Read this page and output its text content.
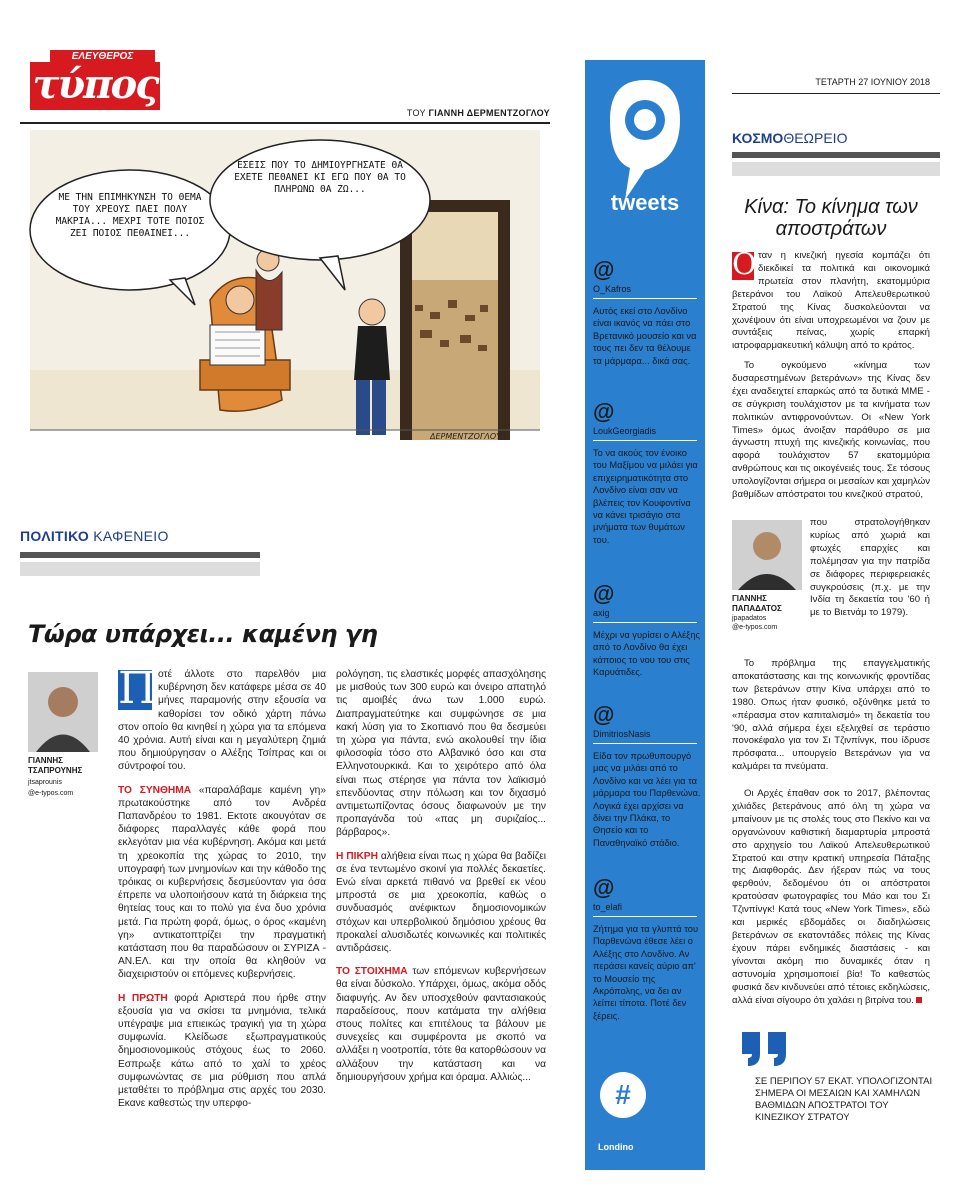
ΕΛΕΥΘΕΡΟΣ
τύπος
ΤΟΥ ΓΙΑΝΝΗ ΔΕΡΜΕΝΤΖΟΓΛΟΥ
ΜΕ ΤΗΝ ΕΠΙΜΗΚΥΝΣΗ ΤΟ ΘΕΜΑ ΤΟΥ ΧΡΕΟΥΣ ΠΑΕΙ ΠΟΛΥ ΜΑΚΡΙΑ... ΜΕΧΡΙ ΤΟΤΕ ΠΟΙΟΣ ΖΕΙ ΠΟΙΟΣ ΠΕΘΑΙΝΕΙ...
ΕΣΕΙΣ ΠΟΥ ΤΟ ΔΗΜΙΟΥΡΓΗΣΑΤΕ ΘΑ ΕΧΕΤΕ ΠΕΘΑΝΕΙ ΚΙ ΕΓΩ ΠΟΥ ΘΑ ΤΟ ΠΛΗΡΩΝΩ ΘΑ ΖΩ...
ΔΕΡΜΕΝΤΖΟΓΛΟΥ
ΠΟΛΙΤΙΚΟ ΚΑΦΕΝΕΙΟ
Τώρα υπάρχει... καμένη γη
ΓΙΑΝΝΗΣ ΤΣΑΠΡΟΥΝΗΣ
jtsaprounis
@e-typos.com

Π οτέ άλλοτε στο παρελθόν μια κυβέρνηση δεν κατάφερε μέσα σε 40 μήνες παραμονής στην εξουσία να καθορίσει τον οδικό χάρτη πάνω στον οποίο θα κινηθεί η χώρα για τα επόμενα 40 χρόνια. Αυτή είναι και η μεγαλύτερη ζημιά που δημιούργησαν ο Αλέξης Τσίπρας και οι σύντροφοί του.

ΤΟ ΣΥΝΘΗΜΑ «παραλάβαμε καμένη γη» πρωτακούστηκε από τον Ανδρέα Παπανδρέου το 1981. Εκτοτε ακουγόταν σε διάφορες παραλλαγές κάθε φορά που εκλεγόταν μια νέα κυβέρνηση. Ακόμα και μετά τη χρεοκοπία της χώρας το 2010, την υπογραφή των μνημονίων και την κάθοδο της τρόικας οι κυβερνήσεις δεσμεύονταν για όσα έπρεπε να υλοποιήσουν κατά τη διάρκεια της θητείας τους και το πολύ για ένα δυο χρόνια μετά. Για πρώτη φορά, όμως, ο όρος «καμένη γη» αντικατοπτρίζει την πραγματική κατάσταση που θα παραδώσουν οι ΣΥΡΙΖΑ - ΑΝ.ΕΛ. και την οποία θα κληθούν να διαχειριστούν οι επόμενες κυβερνήσεις.

Η ΠΡΩΤΗ φορά Αριστερά που ήρθε στην εξουσία για να σκίσει τα μνημόνια, τελικά υπέγραψε μια επιεικώς τραγική για τη χώρα συμφωνία. Κλείδωσε εξωπραγματικούς δημοσιονομικούς στόχους έως το 2060. Εσπρωξε κάτω από το χαλί το χρέος συμφωνώντας σε μια ρύθμιση που απλά μεταθέτει το πρόβλημα στις αρχές του 2030. Εκανε καθεστώς την υπερφο-

ρολόγηση, τις ελαστικές μορφές απασχόλησης με μισθούς των 300 ευρώ και όνειρο απατηλό τις αμοιβές άνω των 1.000 ευρώ. Διαπραγματεύτηκε και συμφώνησε σε μια κακή λύση για το Σκοπιανό που θα δεσμεύει τη χώρα για πάντα, ενώ ακολουθεί την ίδια φιλοσοφία τόσο στο Αλβανικό όσο και στα Ελληνοτουρκικά. Και το χειρότερο από όλα είναι πως στέρησε για πάντα τον λαϊκισμό επενδύοντας στην πόλωση και τον διχασμό αντιμετωπίζοντας όσους διαφωνούν με την προπαγάνδα τού «πας μη συριζαίος... βάρβαρος».

Η ΠΙΚΡΗ αλήθεια είναι πως η χώρα θα βαδίζει σε ένα τεντωμένο σκοινί για πολλές δεκαετίες. Ενώ είναι αρκετά πιθανό να βρεθεί εκ νέου μπροστά σε μια χρεοκοπία, καθώς ο συνδυασμός ανέφικτων δημοσιονομικών στόχων και υπερβολικού δημόσιου χρέους θα προκαλεί αλυσιδωτές κοινωνικές και πολιτικές αντιδράσεις.

ΤΟ ΣΤΟΙΧΗΜΑ των επόμενων κυβερνήσεων θα είναι δύσκολο. Υπάρχει, όμως, ακόμα οδός διαφυγής. Αν δεν υποσχεθούν φαντασιακούς παραδείσους, πουν κατάματα την αλήθεια στους πολίτες και επιτέλους τα βάλουν με συνεχείες και συμφέροντα με σκοπό να αλλάξει η νοοτροπία, τότε θα κατορθώσουν να αλλάξουν την κατάσταση και να δημιουργήσουν χρήμα και όραμα. Αλλιώς...

tweets
@
O_Kafros
Αυτός εκεί στο Λονδίνο είναι ικανός να πάει στο Βρετανικό μουσείο και να τους πει δεν τα θέλουμε τα μάρμαρα... δικά σας.
@
LoukGeorgiadis
Το να ακούς τον ένοικο του Μαξίμου να μιλάει για επιχειρηματικότητα στο Λονδίνο είναι σαν να βλέπεις τον Κουφοντίνα να κάνει τρισάγιο στα μνήματα των θυμάτων του.
@
axig
Μέχρι να γυρίσει ο Αλέξης από το Λονδίνο θα έχει κάποιος το νου του στις Καρυάτιδες.
@
DimitriosNasis
Είδα τον πρωθυπουργό μας να μιλάει από το Λονδίνο και να λέει για τα μάρμαρα του Παρθενώνα. Λογικά έχει αρχίσει να δίνει την Πλάκα, το Θησείο και το Παναθηναϊκό στάδιο.
@
to_elafi
Ζήτημα για τα γλυπτά του Παρθενώνα έθεσε λέει ο Αλέξης στο Λονδίνο. Αν περάσει κανείς αύριο απ' το Μουσείο της Ακρόπολης, να δει αν λείπει τίποτα. Ποτέ δεν ξέρεις.
#
Londino
ΤΕΤΑΡΤΗ 27 ΙΟΥΝΙΟΥ 2018
ΚΟΣΜΟΘΕΩΡΕΙΟ
Κίνα: Το κίνημα των αποστράτων
Ο ταν η κινεζική ηγεσία κομπάζει ότι διεκδικεί τα πολιτικά και οικονομικά πρωτεία στον πλανήτη, εκατομμύρια βετεράνοι του Λαϊκού Απελευθερωτικού Στρατού της Κίνας δυσκολεύονται να χωνέψουν ότι είναι υποχρεωμένοι να ζουν με συντάξεις πείνας, χωρίς επαρκή ιατροφαρμακευτική κάλυψη από το κράτος.
Το ογκούμενο «κίνημα των δυσαρεστημένων βετεράνων» της Κίνας δεν έχει αναδειχτεί επαρκώς από τα δυτικά ΜΜΕ - σε σύγκριση τουλάχιστον με τα κινήματα των πολιτικών αντιφρονούντων. Οι «New York Times» όμως άνοιξαν παράθυρο σε μια άγνωστη πτυχή της κινεζικής κοινωνίας, που αφορά τουλάχιστον 57 εκατομμύρια ανθρώπους και τις οικογένειές τους. Σε τόσους υπολογίζονται σήμερα οι μεσαίων και χαμηλών βαθμίδων απόστρατοι του κινεζικού στρατού,
ΓΙΑΝΝΗΣ ΠΑΠΑΔΑΤΟΣ
jpapadatos
@e-typos.com
που στρατολογήθηκαν κυρίως από χωριά και φτωχές επαρχίες και πολέμησαν για την πατρίδα σε διάφορες περιφερειακές συγκρούσεις (π.χ. με την Ινδία τη δεκαετία του '60 ή με το Βιετνάμ το 1979).
Το πρόβλημα της επαγγελματικής αποκατάστασης και της κοινωνικής φροντίδας των βετεράνων στην Κίνα υπάρχει από το 1980. Οπως ήταν φυσικό, οξύνθηκε μετά το «πέρασμα στον καπιταλισμό» τη δεκαετία του '90, αλλά σήμερα έχει εξελιχθεί σε τεράστιο πονοκέφαλο για τον Σι Τζινπίνγκ, που ίδρυσε πρόσφατα... υπουργείο Βετεράνων για να καλμάρει τα πνεύματα.
Οι Αρχές έπαθαν σοκ το 2017, βλέποντας χιλιάδες βετεράνους από όλη τη χώρα να μπαίνουν με τις στολές τους στο Πεκίνο και να οργανώνουν καθιστική διαμαρτυρία μπροστά στο αρχηγείο του Λαϊκού Απελευθερωτικού Στρατού και στην κρατική υπηρεσία Πάταξης της Διαφθοράς. Δεν ήξεραν πώς να τους φερθούν, δεδομένου ότι οι απόστρατοι κρατούσαν φωτογραφίες του Μάο και του Σι Τζινπίνγκ! Κατά τους «New York Times», εδώ και μερικές εβδομάδες οι διαδηλώσεις βετεράνων σε εκατοντάδες πόλεις της Κίνας έχουν πάρει ενδημικές διαστάσεις - και γίνονται ακόμη πιο δυναμικές όταν η αστυνομία χρησιμοποιεί βία! Το καθεστώς φυσικά δεν κινδυνεύει από τέτοιες εκδηλώσεις, αλλά είναι σίγουρο ότι χαλάει η βιτρίνα του.
ΣΕ ΠΕΡΙΠΟΥ 57 ΕΚΑΤ. ΥΠΟΛΟΓΙΖΟΝΤΑΙ ΣΗΜΕΡΑ ΟΙ ΜΕΣΑΙΩΝ ΚΑΙ ΧΑΜΗΛΩΝ ΒΑΘΜΙΔΩΝ ΑΠΟΣΤΡΑΤΟΙ ΤΟΥ ΚΙΝΕΖΙΚΟΥ ΣΤΡΑΤΟΥ
